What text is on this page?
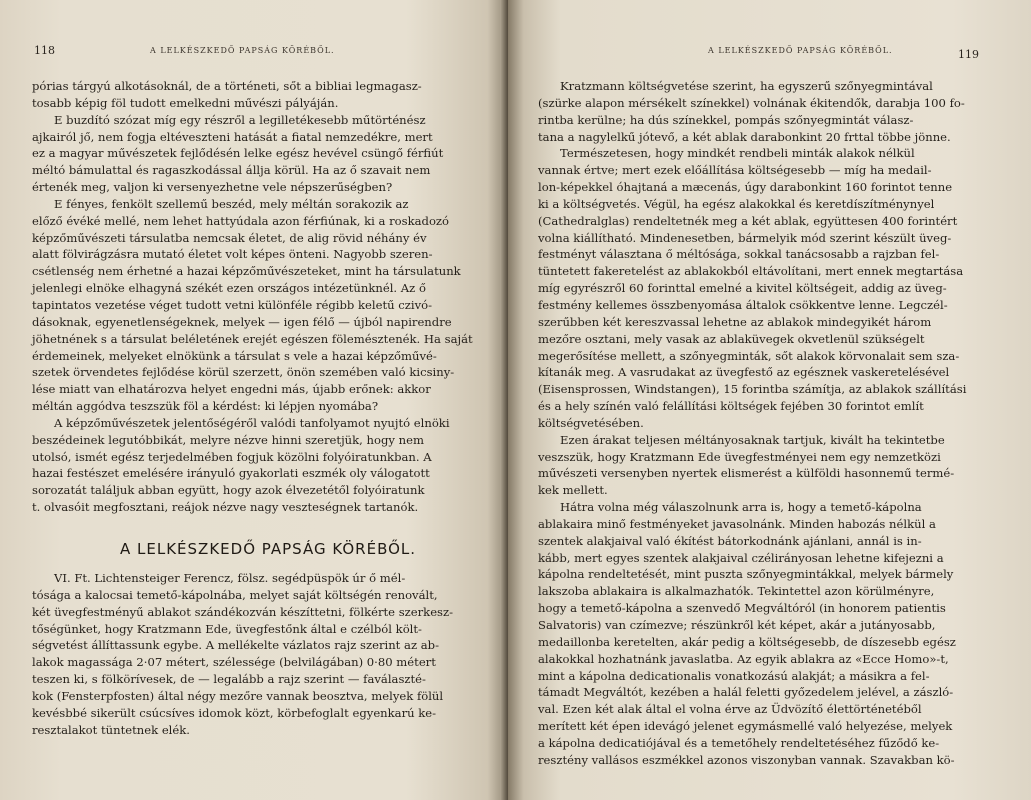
118	A LELKÉSZKEDŐ PAPSÁG KÖRÉBŐL.
pórias tárgyú alkotásoknál, de a történeti, sőt a bibliai legmagasz-
tosabb képig föl tudott emelkedni művészi pályáján.
E buzdító szózat míg egy részről a legilletékesebb műtörténész
ajkairól jő, nem fogja eltéveszteni hatását a fiatal nemzedékre, mert
ez a magyar művészetek fejlődésén lelke egész hevével csüngő férfiút
méltó bámulattal és ragaszkodással állja körül. Ha az ő szavait nem
értenék meg, valjon ki versenyezhetne vele népszerűségben?
E fényes, fenkölt szellemű beszéd, mely méltán sorakozik az
előző évéké mellé, nem lehet hattyúdala azon férfiúnak, ki a roskadozó
képzőművészeti társulatba nemcsak életet, de alig rövid néhány év
alatt fölvirágzásra mutató életet volt képes önteni. Nagyobb szeren-
csétlenség nem érhetné a hazai képzőművészeteket, mint ha társulatunk
jelenlegi elnöke elhagyná székét ezen országos intézetünknél. Az ő
tapintatos vezetése véget tudott vetni különféle régibb keletű czivó-
dásoknak, egyenetlenségeknek, melyek — igen félő — újból napirendre
jöhetnének s a társulat beléletének erejét egészen fölemésztenék. Ha saját
érdemeinek, melyeket elnökünk a társulat s vele a hazai képzőművé-
szetek örvendetes fejlődése körül szerzett, önön szemében való kicsiny-
lése miatt van elhatározva helyet engedni más, újabb erőnek: akkor
méltán aggódva teszszük föl a kérdést: ki lépjen nyomába?
A képzőművészetek jelentőségéről valódi tanfolyamot nyujtó elnöki
beszédeinek legutóbbikát, melyre nézve hinni szeretjük, hogy nem
utolsó, ismét egész terjedelmében fogjuk közölni folyóiratunkban. A
hazai festészet emelésére irányuló gyakorlati eszmék oly válogatott
sorozatát találjuk abban együtt, hogy azok élvezetétől folyóiratunk
t. olvasóit megfosztani, reájok nézve nagy veszteségnek tartanók.
A LELKÉSZKEDŐ PAPSÁG KÖRÉBŐL.
VI. Ft. Lichtensteiger Ferencz, fölsz. segédpüspök úr ő mél-
tósága a kalocsai temető-kápolnába, melyet saját költségén renovált,
két üvegfestményű ablakot szándékozván készíttetni, fölkérte szerkesz-
tőségünket, hogy Kratzmann Ede, üvegfestőnk által e czélból költ-
ségvetést állíttassunk egybe. A mellékelte vázlatos rajz szerint az ab-
lakok magassága 2·07 métert, szélessége (belvilágában) 0·80 métert
teszen ki, s fölkörívesek, de — legalább a rajz szerint — faválaszté-
kok (Fensterpfosten) által négy mezőre vannak beosztva, melyek fölül
kevésbbé sikerült csúcsíves idomok közt, körbefoglalt egyenkarú ke-
resztalakot tüntetnek elék.
A LELKÉSZKEDŐ PAPSÁG KÖRÉBŐL.	119
Kratzmann költségvetése szerint, ha egyszerű szőnyegmintával
(szürke alapon mérsékelt színekkel) volnának ékitendők, darabja 100 fo-
rintba kerülne; ha dús színekkel, pompás szőnyegmintát válasz-
tana a nagylelkű jótevő, a két ablak darabonkint 20 frttal többe jönne.
Természetesen, hogy mindkét rendbeli minták alakok nélkül
vannak értve; mert ezek előállítása költségesebb — míg ha medail-
lon-képekkel óhajtaná a mæcenás, úgy darabonkint 160 forintot tenne
ki a költségvetés. Végül, ha egész alakokkal és keretdíszítménynyel
(Cathedralglas) rendeltetnék meg a két ablak, együttesen 400 forintért
volna kiállítható. Mindenesetben, bármelyik mód szerint készült üveg-
festményt választana ő méltósága, sokkal tanácsosabb a rajzban fel-
tüntetett fakeretelést az ablakokból eltávolítani, mert ennek megtartása
míg egyrészről 60 forinttal emelné a kivitel költségeit, addig az üveg-
festmény kellemes összbenyomása általok csökkentve lenne. Legczél-
szerűbben két kereszvassal lehetne az ablakok mindegyikét három
mezőre osztani, mely vasak az ablaküvegek okvetlenül szükségelt
megerősítése mellett, a szőnyegminták, sőt alakok körvonalait sem sza-
kítanák meg. A vasrudakat az üvegfestő az egésznek vaskeretelésével
(Eisensprossen, Windstangen), 15 forintba számítja, az ablakok szállítási
és a hely színén való felállítási költségek fejében 30 forintot említ
költségvetésében.
Ezen árakat teljesen méltányosaknak tartjuk, kivált ha tekintetbe
veszszük, hogy Kratzmann Ede üvegfestményei nem egy nemzetközi
művészeti versenyben nyertek elismerést a külföldi hasonnemű termé-
kek mellett.
Hátra volna még válaszolnunk arra is, hogy a temető-kápolna
ablakaira minő festményeket javasolnánk. Minden habozás nélkül a
szentek alakjaival való ékítést bátorkodnánk ajánlani, annál is in-
kább, mert egyes szentek alakjaival czélirányosan lehetne kifejezni a
kápolna rendeltetését, mint puszta szőnyegmintákkal, melyek bármely
lakszoba ablakaira is alkalmazhatók. Tekintettel azon körülményre,
hogy a temető-kápolna a szenvedő Megváltóról (in honorem patientis
Salvatoris) van czímezve; részünkről két képet, akár a jutányosabb,
medaillonba keretelten, akár pedig a költségesebb, de díszesebb egész
alakokkal hozhatnánk javaslatba. Az egyik ablakra az «Ecce Homo»-t,
mint a kápolna dedicationalis vonatkozású alakját; a másikra a fel-
támadt Megváltót, kezében a halál feletti győzedelem jelével, a zászló-
val. Ezen két alak által el volna érve az Üdvözítő élettörténetéből
merített két épen idevágó jelenet egymásmellé való helyezése, melyek
a kápolna dedicatiójával és a temetőhely rendeltetéséhez fűződő ke-
resztény vallásos eszmékkel azonos viszonyban vannak. Szavakban kö-
